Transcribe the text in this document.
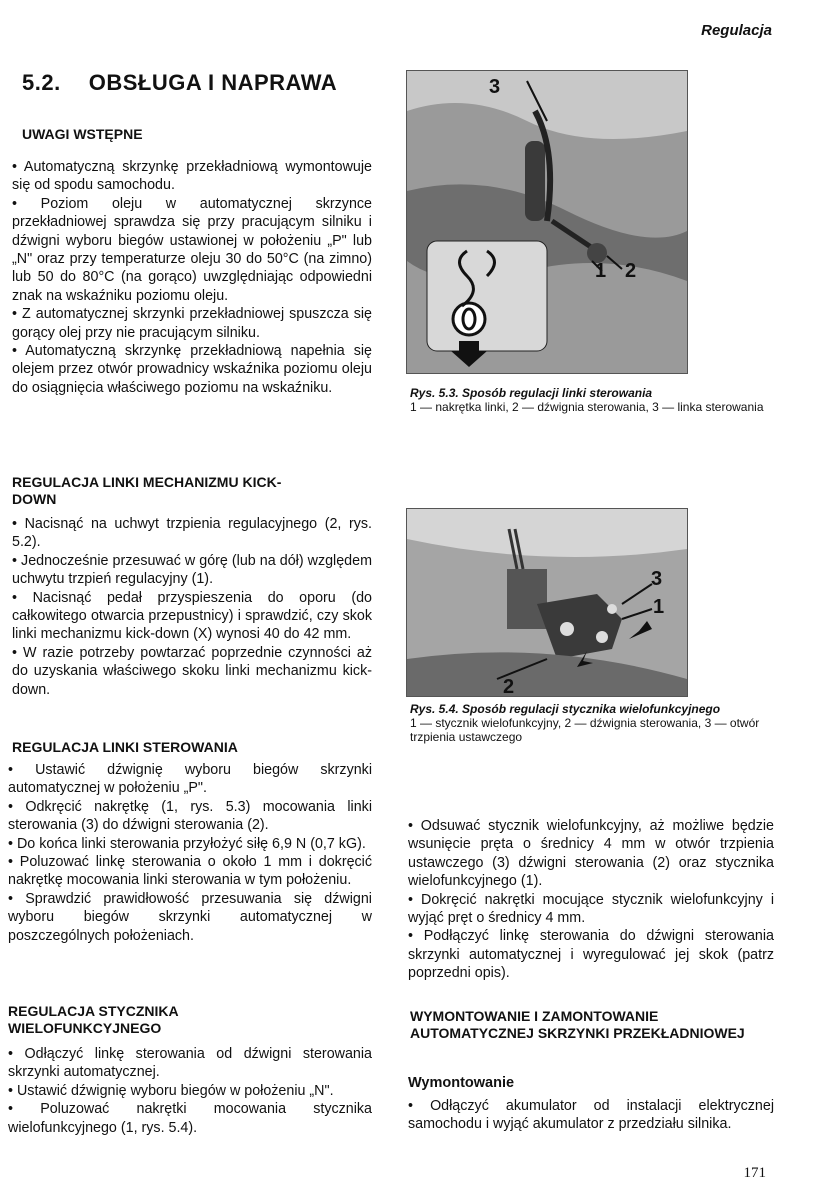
Regulacja
5.2. OBSŁUGA I NAPRAWA
UWAGI WSTĘPNE

• Automatyczną skrzynkę przekładniową wymontowuje się od spodu samochodu.

• Poziom oleju w automatycznej skrzynce przekładniowej sprawdza się przy pracującym silniku i dźwigni wyboru biegów ustawionej w położeniu „P" lub „N" oraz przy temperaturze oleju 30 do 50°C (na zimno) lub 50 do 80°C (na gorąco) uwzględniając odpowiedni znak na wskaźniku poziomu oleju.

• Z automatycznej skrzynki przekładniowej spuszcza się gorący olej przy nie pracującym silniku.

• Automatyczną skrzynkę przekładniową napełnia się olejem przez otwór prowadnicy wskaźnika poziomu oleju do osiągnięcia właściwego poziomu na wskaźniku.

REGULACJA LINKI MECHANIZMU KICK-DOWN

• Nacisnąć na uchwyt trzpienia regulacyjnego (2, rys. 5.2).

• Jednocześnie przesuwać w górę (lub na dół) względem uchwytu trzpień regulacyjny (1).

• Nacisnąć pedał przyspieszenia do oporu (do całkowitego otwarcia przepustnicy) i sprawdzić, czy skok linki mechanizmu kick-down (X) wynosi 40 do 42 mm.

• W razie potrzeby powtarzać poprzednie czynności aż do uzyskania właściwego skoku linki mechanizmu kick-down.

REGULACJA LINKI STEROWANIA

• Ustawić dźwignię wyboru biegów skrzynki automatycznej w położeniu „P".

• Odkręcić nakrętkę (1, rys. 5.3) mocowania linki sterowania (3) do dźwigni sterowania (2).

• Do końca linki sterowania przyłożyć siłę 6,9 N (0,7 kG).

• Poluzować linkę sterowania o około 1 mm i dokręcić nakrętkę mocowania linki sterowania w tym położeniu.

• Sprawdzić prawidłowość przesuwania się dźwigni wyboru biegów skrzynki automatycznej w poszczególnych położeniach.

REGULACJA STYCZNIKA WIELOFUNKCYJNEGO

• Odłączyć linkę sterowania od dźwigni sterowania skrzynki automatycznej.

• Ustawić dźwignię wyboru biegów w położeniu „N".

• Poluzować nakrętki mocowania stycznika wielofunkcyjnego (1, rys. 5.4).

3
1 2
Rys. 5.3. Sposób regulacji linki sterowania
1 — nakrętka linki, 2 — dźwignia sterowania, 3 — linka sterowania
3
1
2
Rys. 5.4. Sposób regulacji stycznika wielofunkcyjnego
1 — stycznik wielofunkcyjny, 2 — dźwignia sterowania, 3 — otwór trzpienia ustawczego

• Odsuwać stycznik wielofunkcyjny, aż możliwe będzie wsunięcie pręta o średnicy 4 mm w otwór trzpienia ustawczego (3) dźwigni sterowania (2) oraz stycznika wielofunkcyjnego (1).

• Dokręcić nakrętki mocujące stycznik wielofunkcyjny i wyjąć pręt o średnicy 4 mm.

• Podłączyć linkę sterowania do dźwigni sterowania skrzynki automatycznej i wyregulować jej skok (patrz poprzedni opis).

WYMONTOWANIE I ZAMONTOWANIE AUTOMATYCZNEJ SKRZYNKI PRZEKŁADNIOWEJ
Wymontowanie

• Odłączyć akumulator od instalacji elektrycznej samochodu i wyjąć akumulator z przedziału silnika.

171
